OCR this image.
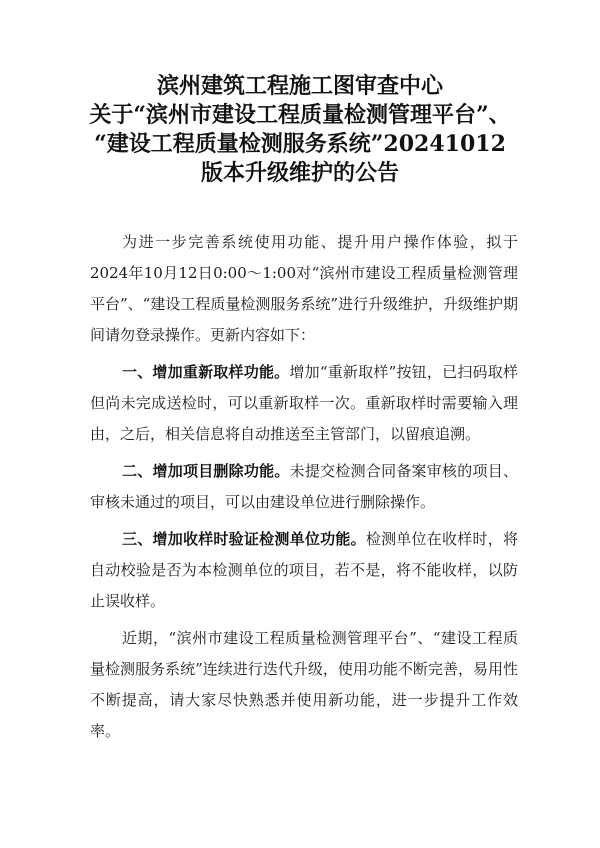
滨州建筑工程施工图审查中心
关于“滨州市建设工程质量检测管理平台”、
“建设工程质量检测服务系统”20241012
版本升级维护的公告

为进一步完善系统使用功能、提升用户操作体验，拟于2024年10月12日0:00～1:00对“滨州市建设工程质量检测管理平台”、“建设工程质量检测服务系统”进行升级维护，升级维护期间请勿登录操作。更新内容如下：

一、增加重新取样功能。增加“重新取样”按钮，已扫码取样但尚未完成送检时，可以重新取样一次。重新取样时需要输入理由，之后，相关信息将自动推送至主管部门，以留痕追溯。

二、增加项目删除功能。未提交检测合同备案审核的项目、审核未通过的项目，可以由建设单位进行删除操作。

三、增加收样时验证检测单位功能。检测单位在收样时，将自动校验是否为本检测单位的项目，若不是，将不能收样，以防止误收样。

近期，“滨州市建设工程质量检测管理平台”、“建设工程质量检测服务系统”连续进行迭代升级，使用功能不断完善，易用性不断提高，请大家尽快熟悉并使用新功能，进一步提升工作效率。
